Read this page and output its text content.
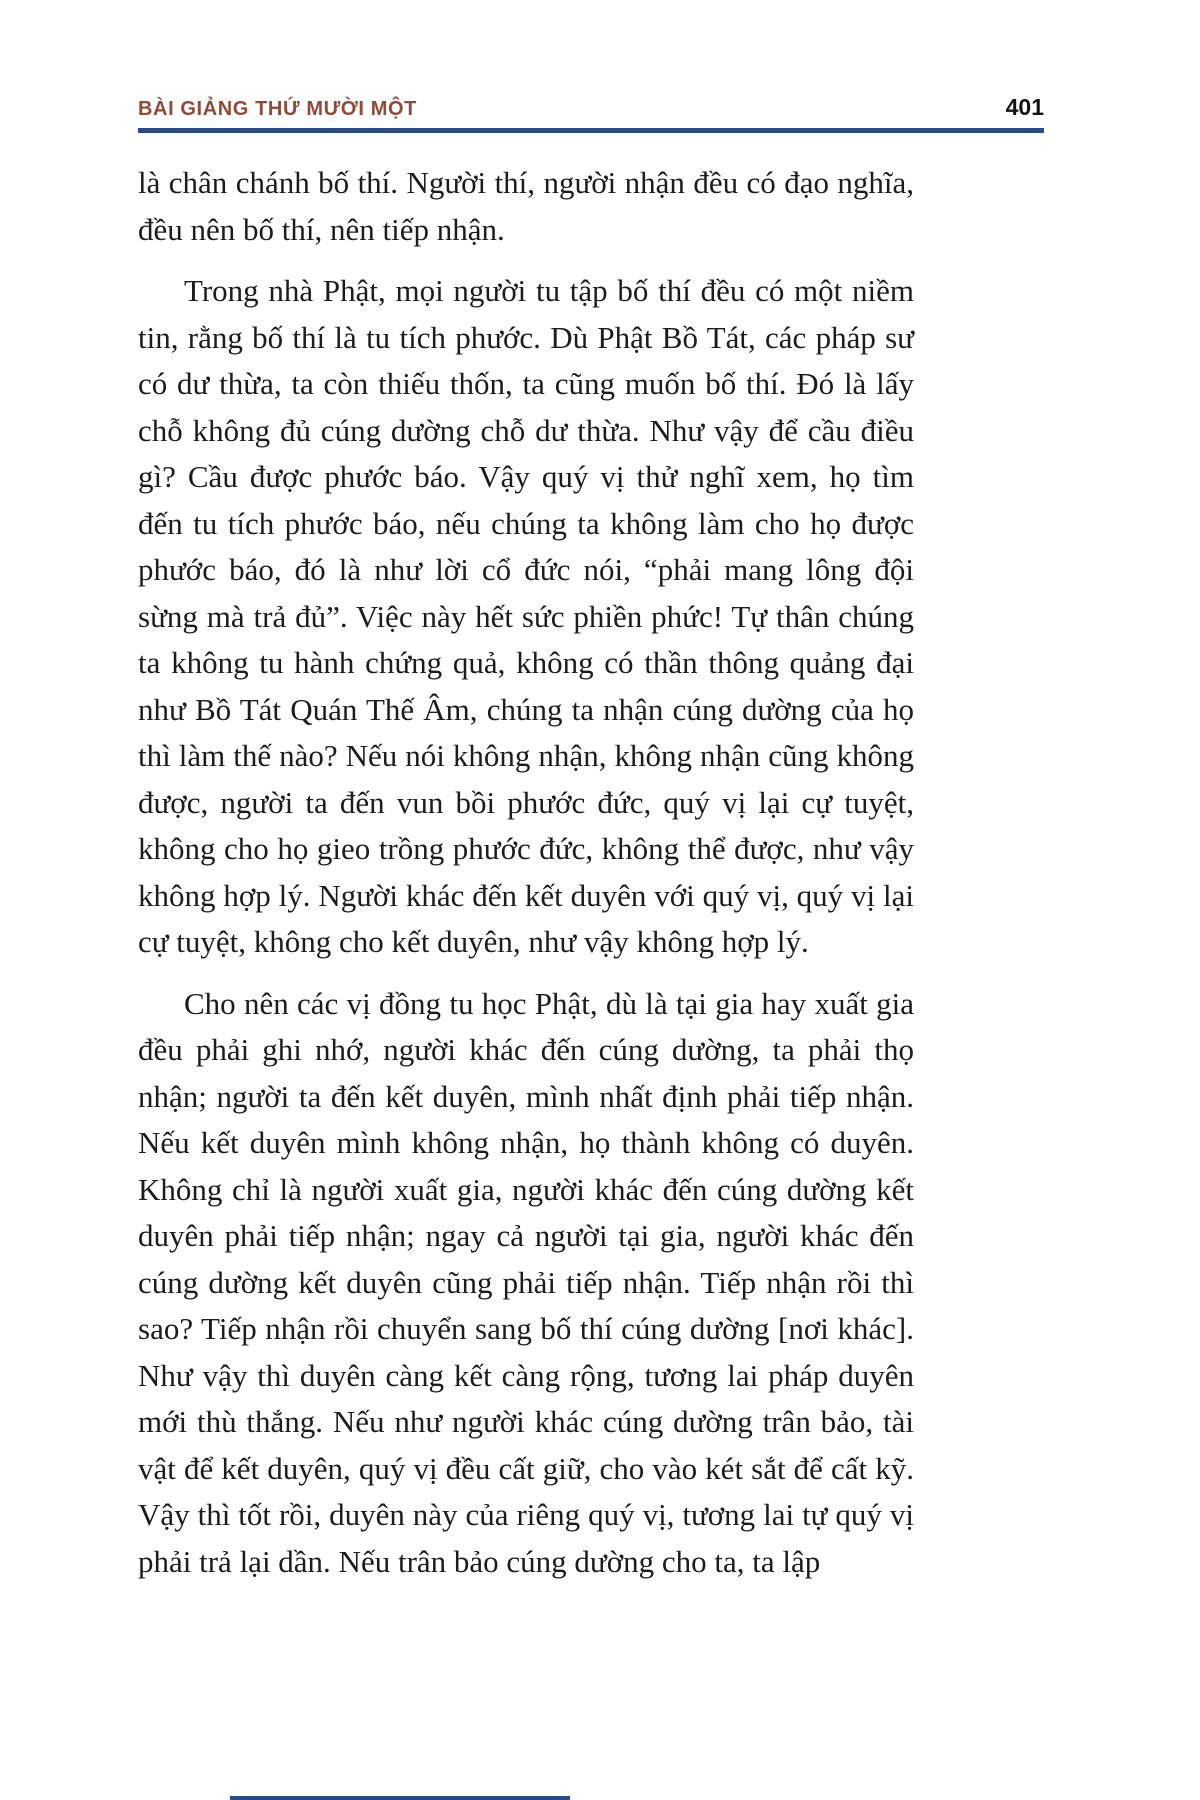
BÀI GIẢNG THỨ MƯỜI MỘT	401

là chân chánh bố thí. Người thí, người nhận đều có đạo nghĩa, đều nên bố thí, nên tiếp nhận.

Trong nhà Phật, mọi người tu tập bố thí đều có một niềm tin, rằng bố thí là tu tích phước. Dù Phật Bồ Tát, các pháp sư có dư thừa, ta còn thiếu thốn, ta cũng muốn bố thí. Đó là lấy chỗ không đủ cúng dường chỗ dư thừa. Như vậy để cầu điều gì? Cầu được phước báo. Vậy quý vị thử nghĩ xem, họ tìm đến tu tích phước báo, nếu chúng ta không làm cho họ được phước báo, đó là như lời cổ đức nói, “phải mang lông đội sừng mà trả đủ”. Việc này hết sức phiền phức! Tự thân chúng ta không tu hành chứng quả, không có thần thông quảng đại như Bồ Tát Quán Thế Âm, chúng ta nhận cúng dường của họ thì làm thế nào? Nếu nói không nhận, không nhận cũng không được, người ta đến vun bồi phước đức, quý vị lại cự tuyệt, không cho họ gieo trồng phước đức, không thể được, như vậy không hợp lý. Người khác đến kết duyên với quý vị, quý vị lại cự tuyệt, không cho kết duyên, như vậy không hợp lý.

Cho nên các vị đồng tu học Phật, dù là tại gia hay xuất gia đều phải ghi nhớ, người khác đến cúng dường, ta phải thọ nhận; người ta đến kết duyên, mình nhất định phải tiếp nhận. Nếu kết duyên mình không nhận, họ thành không có duyên. Không chỉ là người xuất gia, người khác đến cúng dường kết duyên phải tiếp nhận; ngay cả người tại gia, người khác đến cúng dường kết duyên cũng phải tiếp nhận. Tiếp nhận rồi thì sao? Tiếp nhận rồi chuyển sang bố thí cúng dường [nơi khác]. Như vậy thì duyên càng kết càng rộng, tương lai pháp duyên mới thù thắng. Nếu như người khác cúng dường trân bảo, tài vật để kết duyên, quý vị đều cất giữ, cho vào két sắt để cất kỹ. Vậy thì tốt rồi, duyên này của riêng quý vị, tương lai tự quý vị phải trả lại dần. Nếu trân bảo cúng dường cho ta, ta lập
